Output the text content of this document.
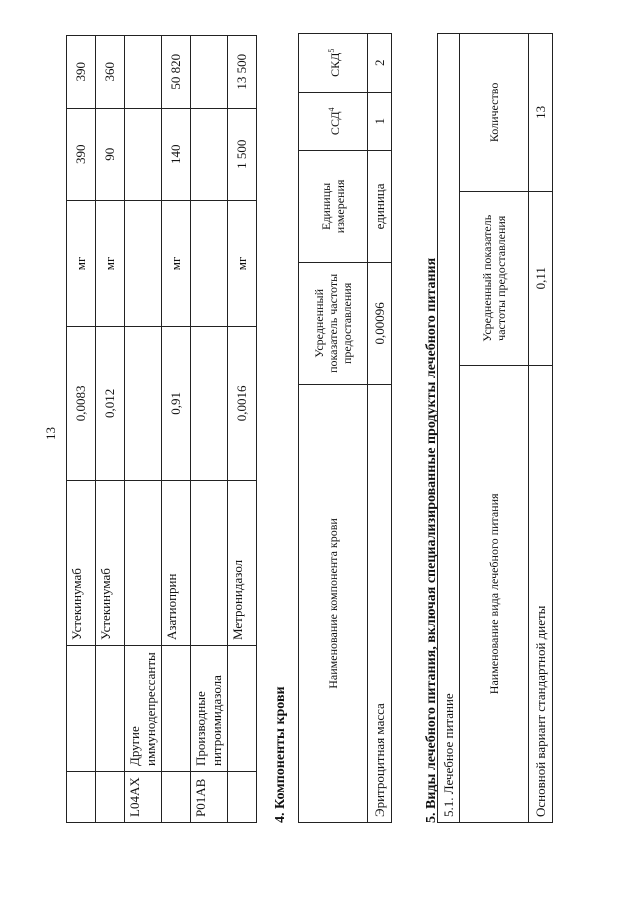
13
		Устекинумаб	0,0083	мг	390	390
		Устекинумаб	0,012	мг	90	360
L04AX	Другие иммунодепрессанты					
		Азатиоприн	0,91	мг	140	50 820
P01AB	Производные нитроимидазола					
		Метронидазол	0,0016	мг	1 500	13 500
4. Компоненты крови
Наименование компонента крови	Усредненный показатель частоты предоставления	Единицы измерения	ССД$^4$	СКД$^5$
Эритроцитная масса	0,00096	единица	1	2
5. Виды лечебного питания, включая специализированные продукты лечебного питания 5.1. Лечебное питание		
Наименование вида лечебного питания	Усредненный показатель частоты предоставления	Количество
Основной вариант стандартной диеты	0,11	13
